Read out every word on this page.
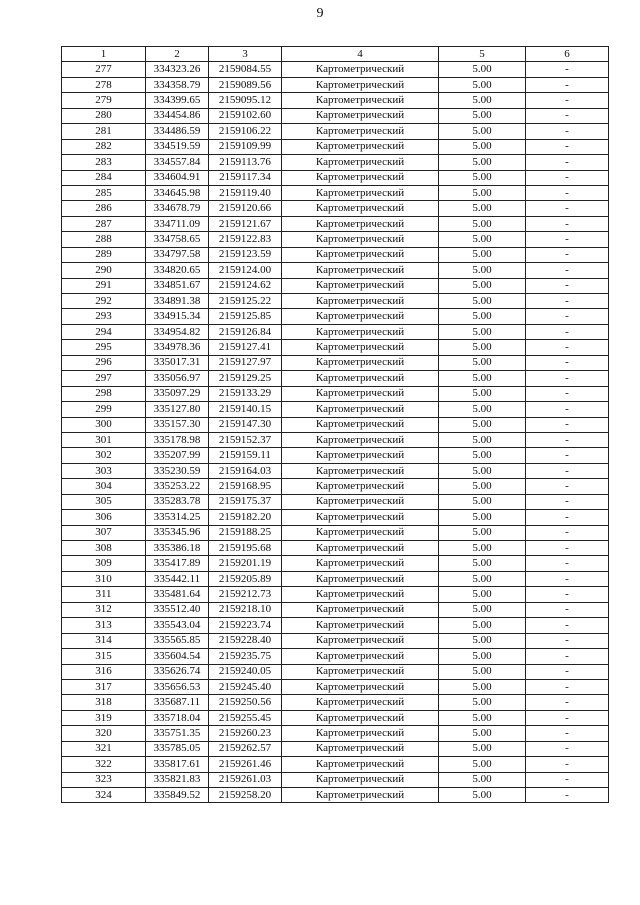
9
1	2	3	4	5	6
277	334323.26	2159084.55	Картометрический	5.00	-
278	334358.79	2159089.56	Картометрический	5.00	-
279	334399.65	2159095.12	Картометрический	5.00	-
280	334454.86	2159102.60	Картометрический	5.00	-
281	334486.59	2159106.22	Картометрический	5.00	-
282	334519.59	2159109.99	Картометрический	5.00	-
283	334557.84	2159113.76	Картометрический	5.00	-
284	334604.91	2159117.34	Картометрический	5.00	-
285	334645.98	2159119.40	Картометрический	5.00	-
286	334678.79	2159120.66	Картометрический	5.00	-
287	334711.09	2159121.67	Картометрический	5.00	-
288	334758.65	2159122.83	Картометрический	5.00	-
289	334797.58	2159123.59	Картометрический	5.00	-
290	334820.65	2159124.00	Картометрический	5.00	-
291	334851.67	2159124.62	Картометрический	5.00	-
292	334891.38	2159125.22	Картометрический	5.00	-
293	334915.34	2159125.85	Картометрический	5.00	-
294	334954.82	2159126.84	Картометрический	5.00	-
295	334978.36	2159127.41	Картометрический	5.00	-
296	335017.31	2159127.97	Картометрический	5.00	-
297	335056.97	2159129.25	Картометрический	5.00	-
298	335097.29	2159133.29	Картометрический	5.00	-
299	335127.80	2159140.15	Картометрический	5.00	-
300	335157.30	2159147.30	Картометрический	5.00	-
301	335178.98	2159152.37	Картометрический	5.00	-
302	335207.99	2159159.11	Картометрический	5.00	-
303	335230.59	2159164.03	Картометрический	5.00	-
304	335253.22	2159168.95	Картометрический	5.00	-
305	335283.78	2159175.37	Картометрический	5.00	-
306	335314.25	2159182.20	Картометрический	5.00	-
307	335345.96	2159188.25	Картометрический	5.00	-
308	335386.18	2159195.68	Картометрический	5.00	-
309	335417.89	2159201.19	Картометрический	5.00	-
310	335442.11	2159205.89	Картометрический	5.00	-
311	335481.64	2159212.73	Картометрический	5.00	-
312	335512.40	2159218.10	Картометрический	5.00	-
313	335543.04	2159223.74	Картометрический	5.00	-
314	335565.85	2159228.40	Картометрический	5.00	-
315	335604.54	2159235.75	Картометрический	5.00	-
316	335626.74	2159240.05	Картометрический	5.00	-
317	335656.53	2159245.40	Картометрический	5.00	-
318	335687.11	2159250.56	Картометрический	5.00	-
319	335718.04	2159255.45	Картометрический	5.00	-
320	335751.35	2159260.23	Картометрический	5.00	-
321	335785.05	2159262.57	Картометрический	5.00	-
322	335817.61	2159261.46	Картометрический	5.00	-
323	335821.83	2159261.03	Картометрический	5.00	-
324	335849.52	2159258.20	Картометрический	5.00	-
